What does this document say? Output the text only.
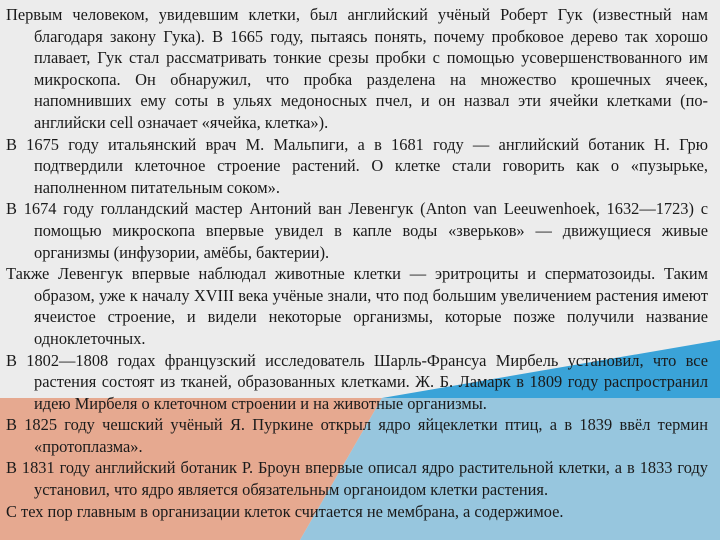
Первым человеком, увидевшим клетки, был английский учёный Роберт Гук (известный нам благодаря закону Гука). В 1665 году, пытаясь понять, почему пробковое дерево так хорошо плавает, Гук стал рассматривать тонкие срезы пробки с помощью усовершенствованного им микроскопа. Он обнаружил, что пробка разделена на множество крошечных ячеек, напомнивших ему соты в ульях медоносных пчел, и он назвал эти ячейки клетками (по-английски cell означает «ячейка, клетка»).

В 1675 году итальянский врач М. Мальпиги, а в 1681 году — английский ботаник Н. Грю подтвердили клеточное строение растений. О клетке стали говорить как о «пузырьке, наполненном питательным соком».

В 1674 году голландский мастер Антоний ван Левенгук (Anton van Leeuwenhoek, 1632—1723) с помощью микроскопа впервые увидел в капле воды «зверьков» — движущиеся живые организмы (инфузории, амёбы, бактерии).

Также Левенгук впервые наблюдал животные клетки — эритроциты и сперматозоиды. Таким образом, уже к началу XVIII века учёные знали, что под большим увеличением растения имеют ячеистое строение, и видели некоторые организмы, которые позже получили название одноклеточных.

В 1802—1808 годах французский исследователь Шарль-Франсуа Мирбель установил, что все растения состоят из тканей, образованных клетками. Ж. Б. Ламарк в 1809 году распространил идею Мирбеля о клеточном строении и на животные организмы.

В 1825 году чешский учёный Я. Пуркине открыл ядро яйцеклетки птиц, а в 1839 ввёл термин «протоплазма».

В 1831 году английский ботаник Р. Броун впервые описал ядро растительной клетки, а в 1833 году установил, что ядро является обязательным органоидом клетки растения.

С тех пор главным в организации клеток считается не мембрана, а содержимое.
